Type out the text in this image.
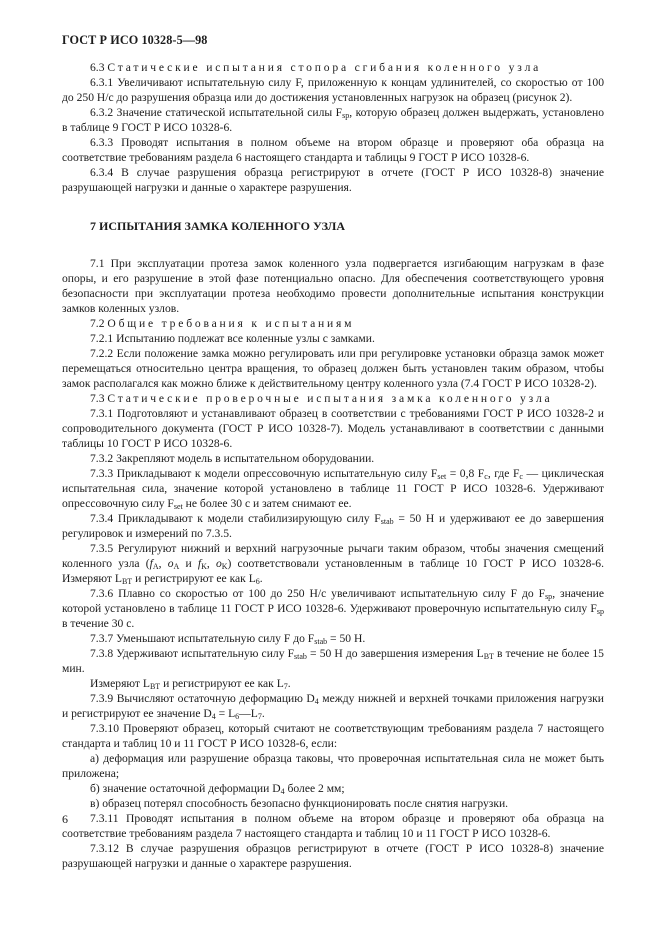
ГОСТ Р ИСО 10328-5—98

6.3 Статические испытания стопора сгибания коленного узла

6.3.1 Увеличивают испытательную силу F, приложенную к концам удлинителей, со скоростью от 100 до 250 Н/с до разрушения образца или до достижения установленных нагрузок на образец (рисунок 2).

6.3.2 Значение статической испытательной силы $F_{sp}$, которую образец должен выдержать, установлено в таблице 9 ГОСТ Р ИСО 10328-6.

6.3.3 Проводят испытания в полном объеме на втором образце и проверяют оба образца на соответствие требованиям раздела 6 настоящего стандарта и таблицы 9 ГОСТ Р ИСО 10328-6.

6.3.4 В случае разрушения образца регистрируют в отчете (ГОСТ Р ИСО 10328-8) значение разрушающей нагрузки и данные о характере разрушения.

7 ИСПЫТАНИЯ ЗАМКА КОЛЕННОГО УЗЛА

7.1 При эксплуатации протеза замок коленного узла подвергается изгибающим нагрузкам в фазе опоры, и его разрушение в этой фазе потенциально опасно. Для обеспечения соответствующего уровня безопасности при эксплуатации протеза необходимо провести дополнительные испытания конструкции замков коленных узлов.

7.2 Общие требования к испытаниям

7.2.1 Испытанию подлежат все коленные узлы с замками.

7.2.2 Если положение замка можно регулировать или при регулировке установки образца замок может перемещаться относительно центра вращения, то образец должен быть установлен таким образом, чтобы замок располагался как можно ближе к действительному центру коленного узла (7.4 ГОСТ Р ИСО 10328-2).

7.3 Статические проверочные испытания замка коленного узла

7.3.1 Подготовляют и устанавливают образец в соответствии с требованиями ГОСТ Р ИСО 10328-2 и сопроводительного документа (ГОСТ Р ИСО 10328-7). Модель устанавливают в соответствии с данными таблицы 10 ГОСТ Р ИСО 10328-6.

7.3.2 Закрепляют модель в испытательном оборудовании.

7.3.3 Прикладывают к модели опрессовочную испытательную силу $F_{set} = 0,8$ $F_c$, где $F_c$ — циклическая испытательная сила, значение которой установлено в таблице 11 ГОСТ Р ИСО 10328-6. Удерживают опрессовочную силу $F_{set}$ не более 30 с и затем снимают ее.

7.3.4 Прикладывают к модели стабилизирующую силу $F_{stab} = 50$ Н и удерживают ее до завершения регулировок и измерений по 7.3.5.

7.3.5 Регулируют нижний и верхний нагрузочные рычаги таким образом, чтобы значения смещений коленного узла ($f_A$, $o_A$ и $f_K$, $o_K$) соответствовали установленным в таблице 10 ГОСТ Р ИСО 10328-6. Измеряют $L_{BT}$ и регистрируют ее как $L_6$.

7.3.6 Плавно со скоростью от 100 до 250 Н/с увеличивают испытательную силу F до $F_{sp}$, значение которой установлено в таблице 11 ГОСТ Р ИСО 10328-6. Удерживают проверочную испытательную силу $F_{sp}$ в течение 30 с.

7.3.7 Уменьшают испытательную силу F до $F_{stab} = 50$ Н.

7.3.8 Удерживают испытательную силу $F_{stab} = 50$ Н до завершения измерения $L_{BT}$ в течение не более 15 мин.

Измеряют $L_{BT}$ и регистрируют ее как $L_7$.

7.3.9 Вычисляют остаточную деформацию $D_4$ между нижней и верхней точками приложения нагрузки и регистрируют ее значение $D_4$ = $L_6—L_7$.

7.3.10 Проверяют образец, который считают не соответствующим требованиям раздела 7 настоящего стандарта и таблиц 10 и 11 ГОСТ Р ИСО 10328-6, если:

а) деформация или разрушение образца таковы, что проверочная испытательная сила не может быть приложена;

б) значение остаточной деформации $D_4$ более 2 мм;

в) образец потерял способность безопасно функционировать после снятия нагрузки.

7.3.11 Проводят испытания в полном объеме на втором образце и проверяют оба образца на соответствие требованиям раздела 7 настоящего стандарта и таблиц 10 и 11 ГОСТ Р ИСО 10328-6.

7.3.12 В случае разрушения образцов регистрируют в отчете (ГОСТ Р ИСО 10328-8) значение разрушающей нагрузки и данные о характере разрушения.

6
